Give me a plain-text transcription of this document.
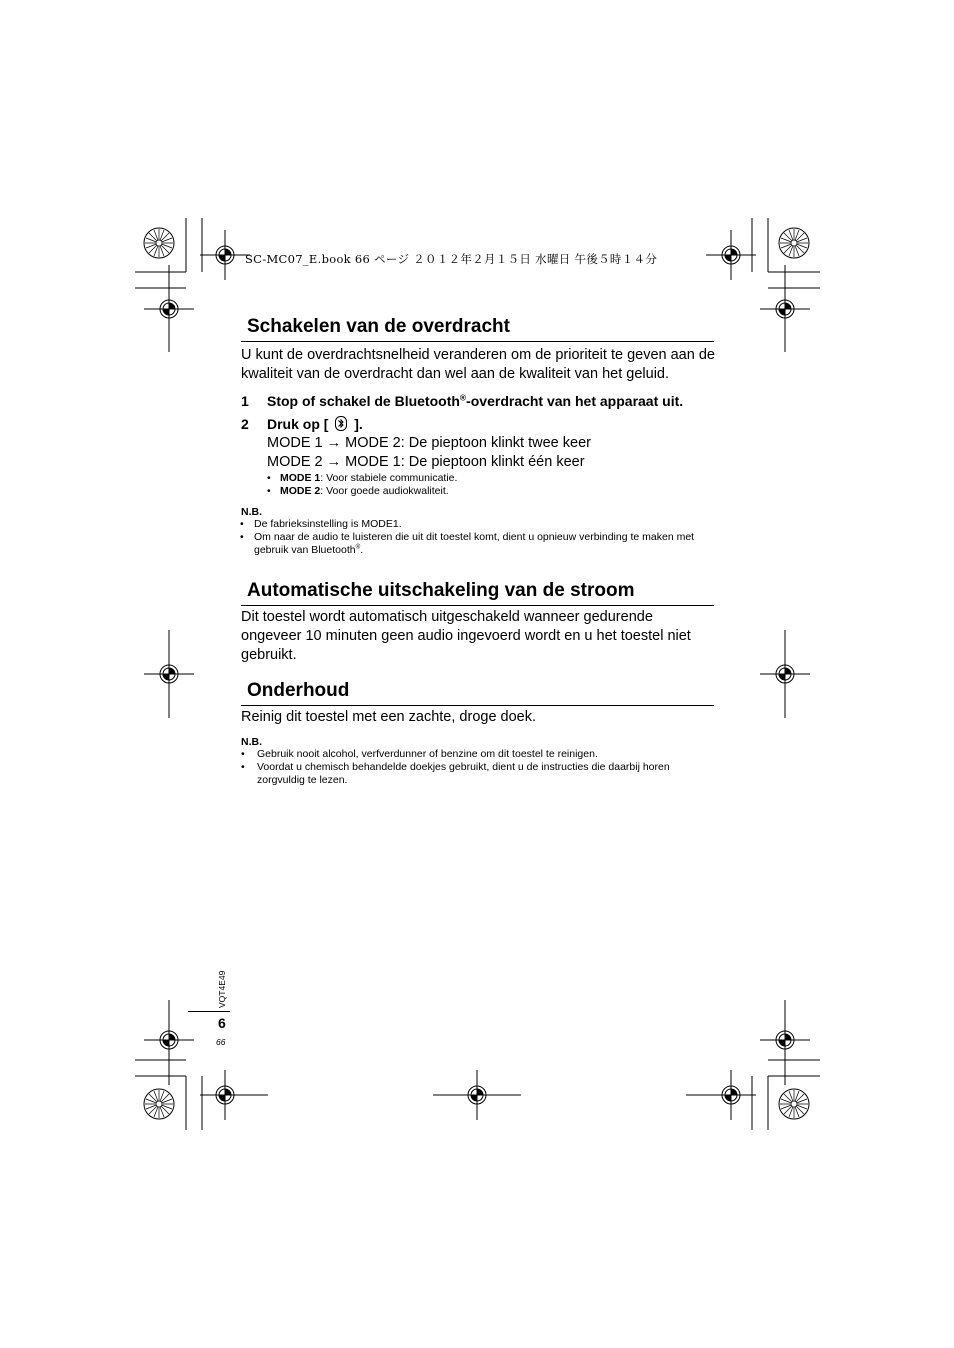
SC-MC07_E.book 66 ページ ２０１２年２月１５日 水曜日 午後５時１４分
Schakelen van de overdracht
U kunt de overdrachtsnelheid veranderen om de prioriteit te geven aan de kwaliteit van de overdracht dan wel aan de kwaliteit van het geluid.
1 Stop of schakel de Bluetooth®-overdracht van het apparaat uit.
2 Druk op [ ].
MODE 1 → MODE 2: De pieptoon klinkt twee keer
MODE 2 → MODE 1: De pieptoon klinkt één keer
• MODE 1: Voor stabiele communicatie.
• MODE 2: Voor goede audiokwaliteit.
N.B.
• De fabrieksinstelling is MODE1.
• Om naar de audio te luisteren die uit dit toestel komt, dient u opnieuw verbinding te maken met gebruik van Bluetooth®.
Automatische uitschakeling van de stroom
Dit toestel wordt automatisch uitgeschakeld wanneer gedurende ongeveer 10 minuten geen audio ingevoerd wordt en u het toestel niet gebruikt.
Onderhoud
Reinig dit toestel met een zachte, droge doek.
N.B.
• Gebruik nooit alcohol, verfverdunner of benzine om dit toestel te reinigen.
• Voordat u chemisch behandelde doekjes gebruikt, dient u de instructies die daarbij horen zorgvuldig te lezen.
VQT4E49
6
66
